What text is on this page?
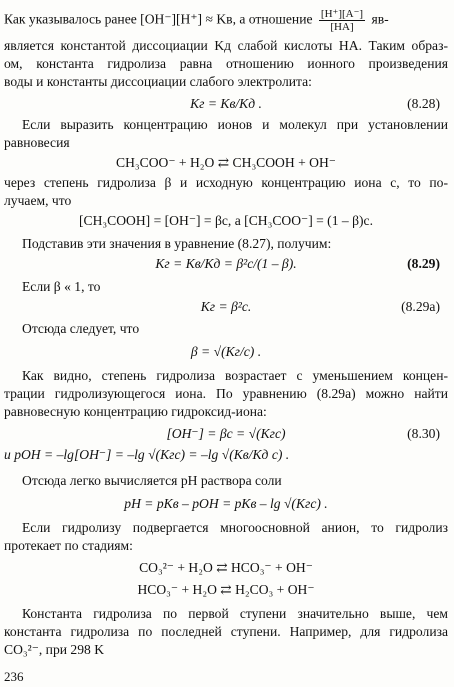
Как указывалось ранее [OH⁻][H⁺] ≈ Kв, а отношение $\frac{[H^+][A^-]}{[HA]} яв-$
является константой диссоциации Kд слабой кислоты НА. Таким образ-
ом, константа гидролиза равна отношению ионного произведения
воды и константы диссоциации слабого электролита:
Kг = Kв/Kд .	(8.28)
Если выразить концентрацию ионов и молекул при установлении
равновесия
CH₃COO⁻ + H₂O ⇄ CH₃COOH + OH⁻
через степень гидролиза β и исходную концентрацию иона c, то по-
лучаем, что
[CH₃COOH] = [OH⁻] = βc, а [CH₃COO⁻] = (1 – β)c.
Подставив эти значения в уравнение (8.27), получим:
Kг = Kв/Kд = β²c/(1 – β).	(8.29)
Если β « 1, то
Kг = β²c.	(8.29а)
Отсюда следует, что
β = √(Kг/c) .
Как видно, степень гидролиза возрастает с уменьшением концен-
трации гидролизующегося иона. По уравнению (8.29а) можно найти
равновесную концентрацию гидроксид-иона:
[OH⁻] = βc = √(Kгc)	(8.30)
и pOH = –lg[OH⁻] = –lg √(Kгc) = –lg √(Kв/Kд c) .
Отсюда легко вычисляется pH раствора соли
pH = pKв – pOH = pKв – lg √(Kгc) .
Если гидролизу подвергается многоосновной анион, то гидролиз
протекает по стадиям:
CO₃²⁻ + H₂O ⇄ HCO₃⁻ + OH⁻
HCO₃⁻ + H₂O ⇄ H₂CO₃ + OH⁻
Константа гидролиза по первой ступени значительно выше, чем
константа гидролиза по последней ступени. Например, для гидролиза
CO₃²⁻, при 298 K
236
